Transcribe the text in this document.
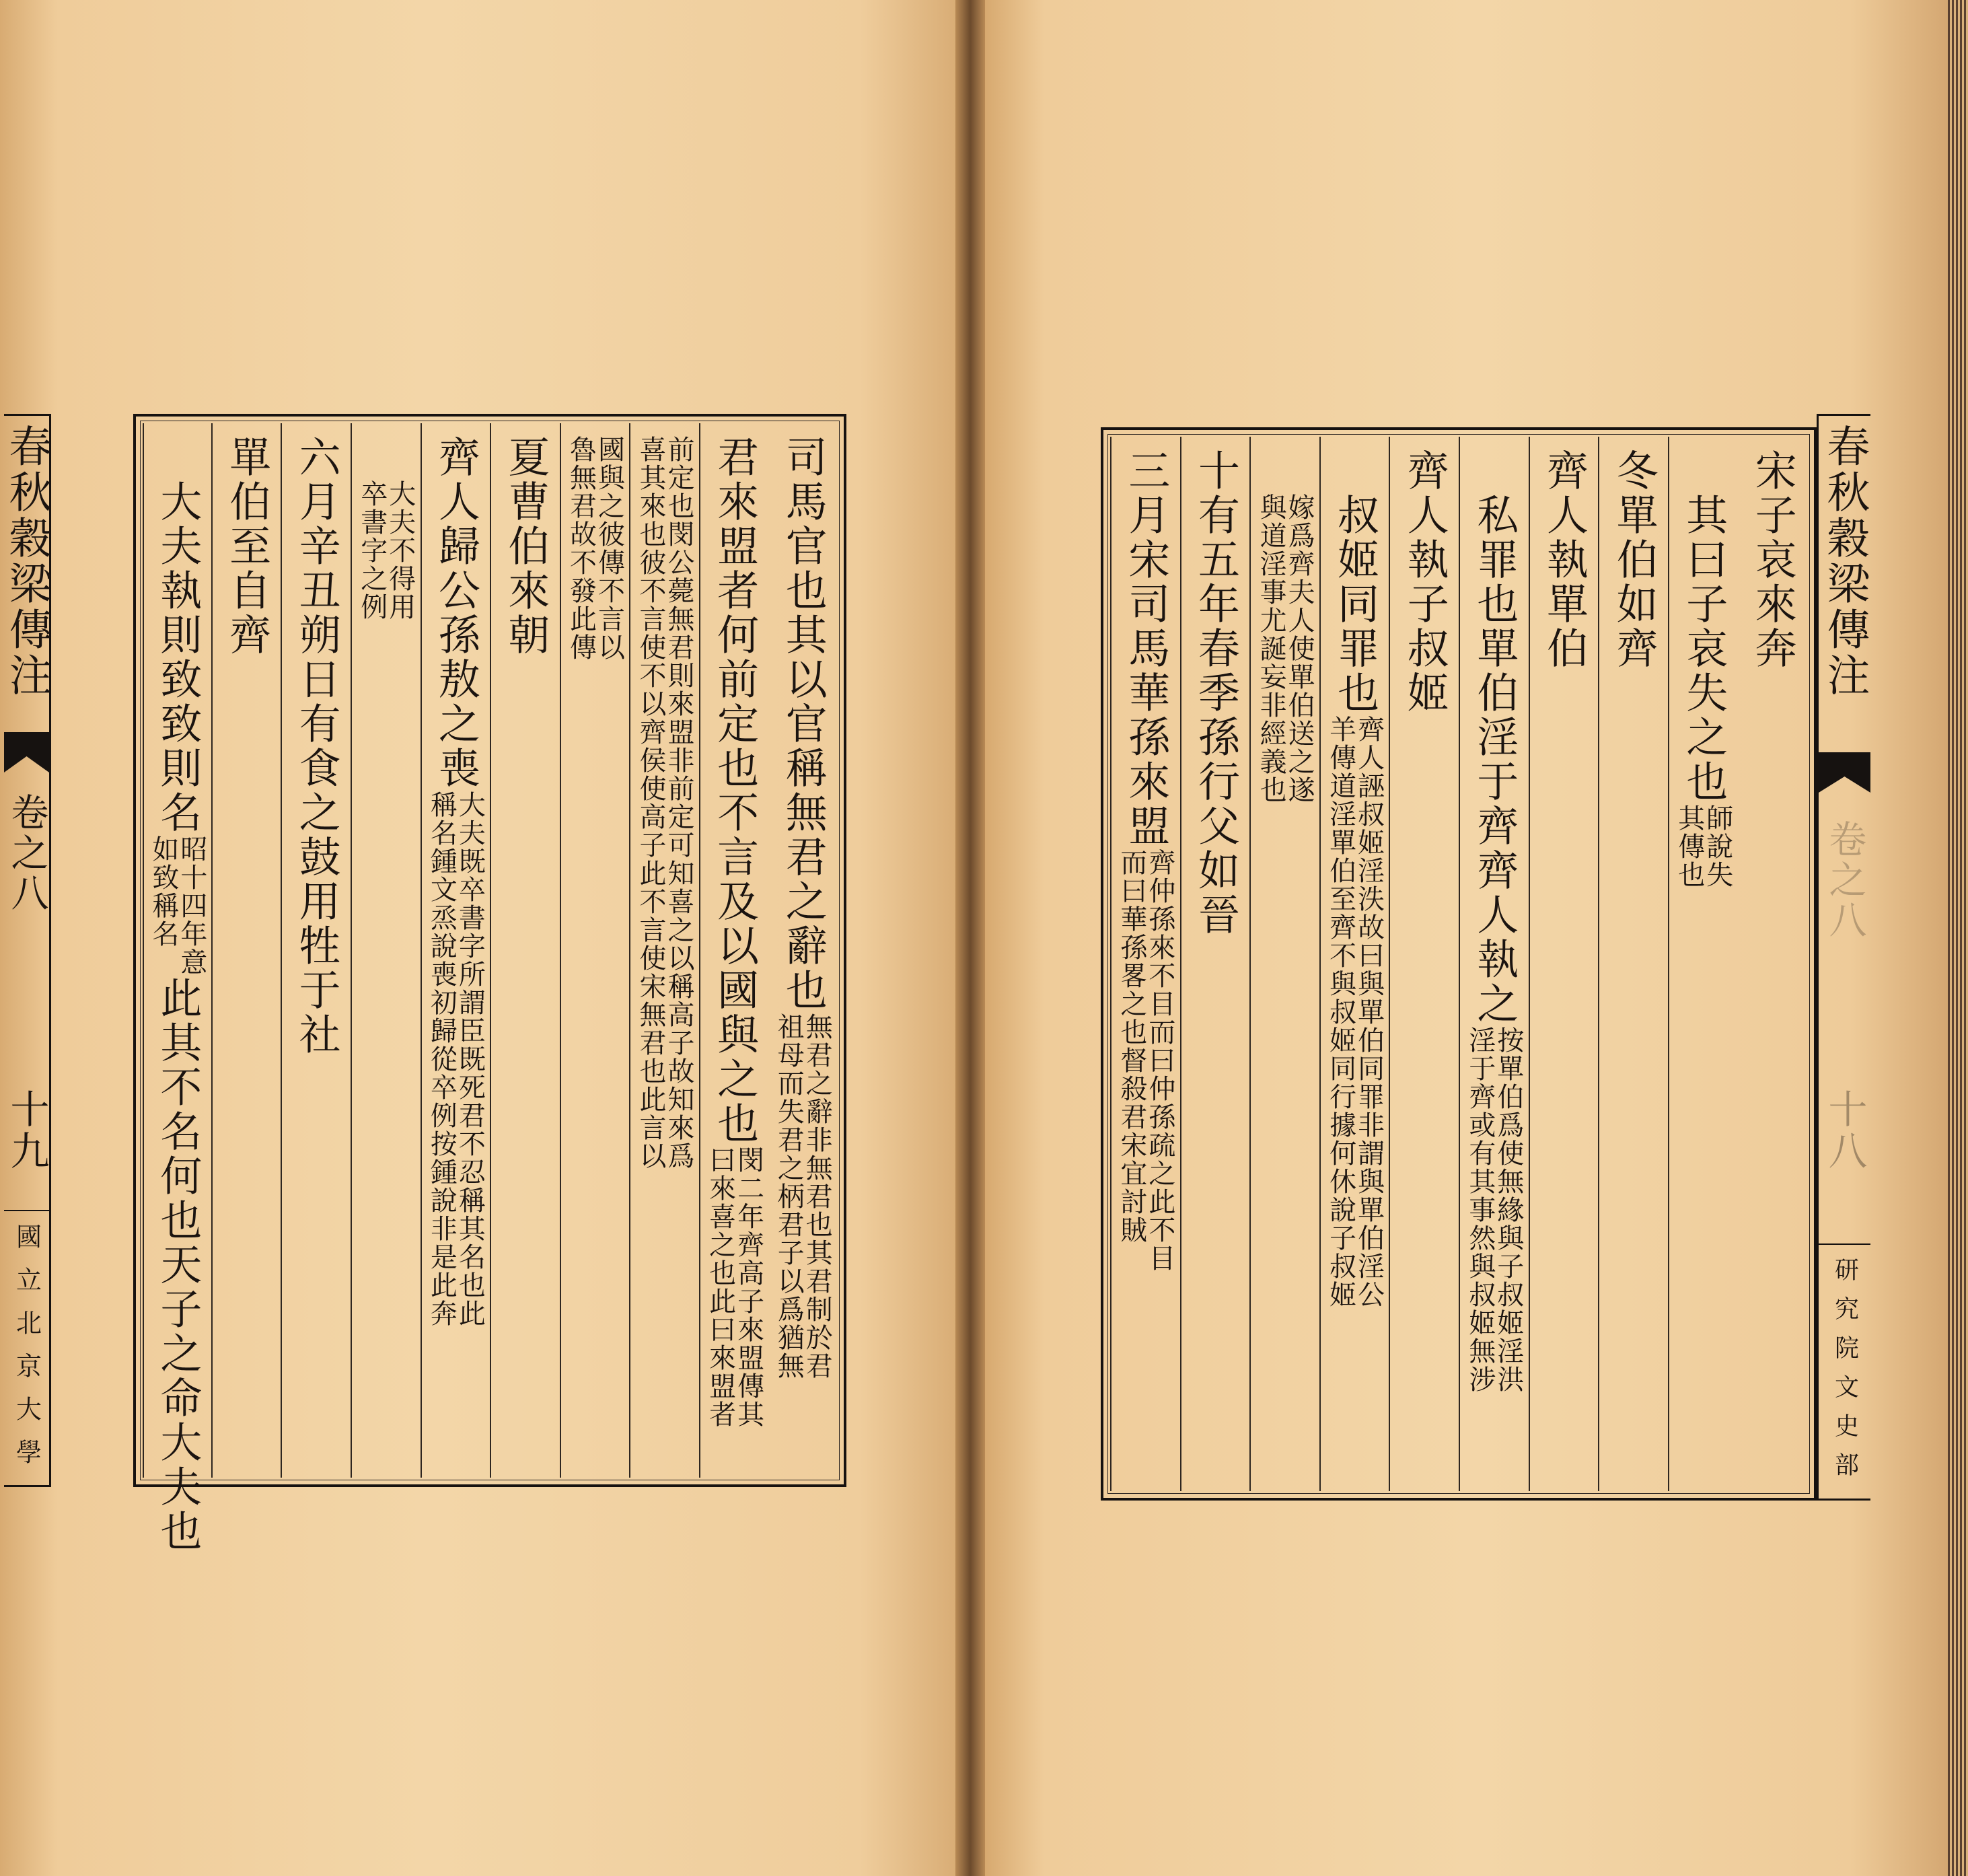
司馬官也其以官稱無君之辭也
無君之辭非無君也其君制於君
祖母而失君之柄君子以爲猶無
君來盟者何前定也不言及以國與之也
閔二年齊高子來盟傳其
曰來喜之也此曰來盟者
前定也閔公薨無君則來盟非前定可知喜之以稱高子故知來爲
喜其來也彼不言使不以齊侯使高子此不言使宋無君也此言以
國與之彼傳不言以
魯無君故不發此傳
夏曹伯來朝
齊人歸公孫敖之喪
大夫既卒書字所謂臣既死君不忍稱其名也此
稱名鍾文烝說喪初歸從卒例按鍾說非是此奔
大夫不得用
卒書字之例
六月辛丑朔日有食之鼓用牲于社
單伯至自齊
大夫執則致致則名
昭十四年意
如致稱名
此其不名何也天子之命大夫也
春秋穀梁傳注
卷之八
十九
國立北京大學
宋子哀來奔
其曰子哀失之也
師說失
其傳也
冬單伯如齊
齊人執單伯
私罪也單伯淫于齊齊人執之
按單伯爲使無緣與子叔姬淫洪
淫于齊或有其事然與叔姬無涉
齊人執子叔姬
叔姬同罪也
齊人誣叔姬淫泆故曰與單伯同罪非謂與單伯淫公
羊傳道淫單伯至齊不與叔姬同行據何休說子叔姬
嫁爲齊夫人使單伯送之遂
與道淫事尤誕妄非經義也
十有五年春季孫行父如晉
三月宋司馬華孫來盟
齊仲孫來不目而曰仲孫疏之此不目
而曰華孫畧之也督殺君宋宜討賊
春秋穀梁傳注
卷之八
十八
研究院文史部
